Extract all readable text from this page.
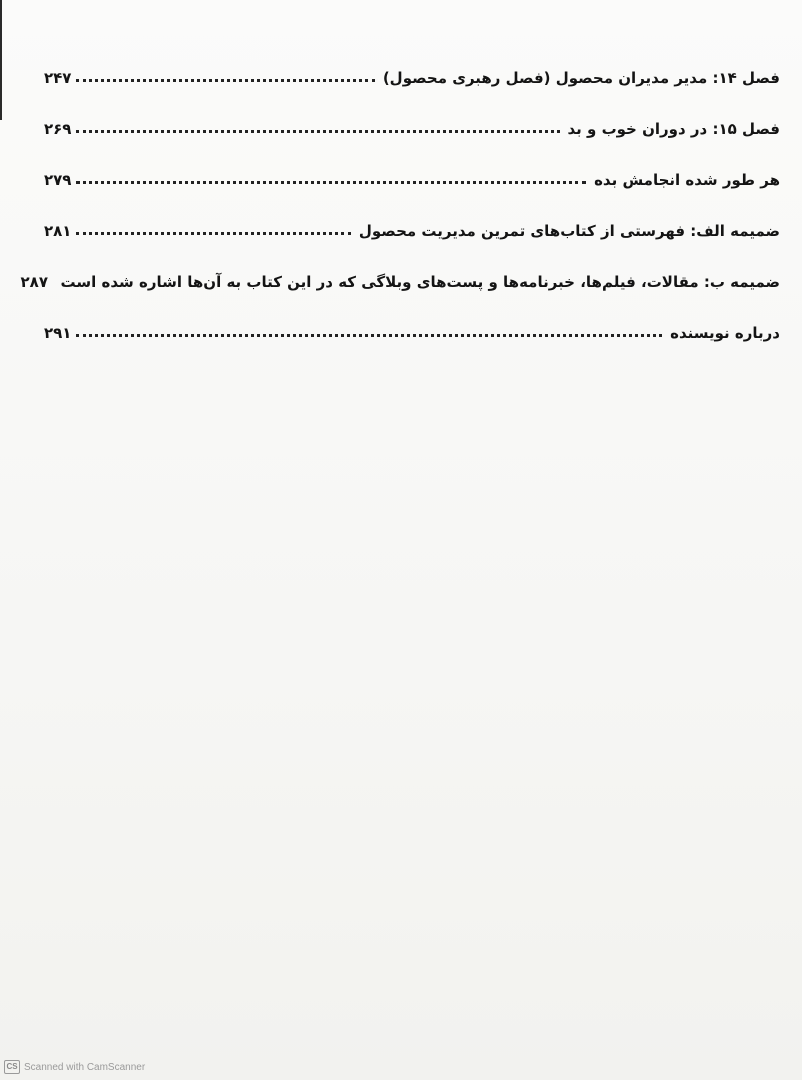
فصل ۱۴: مدیر مدیران محصول (فصل رهبری محصول)
۲۴۷
فصل ۱۵: در دوران خوب و بد
۲۶۹
هر طور شده انجامش بده
۲۷۹
ضمیمه الف: فهرستی از کتاب‌های تمرین مدیریت محصول
۲۸۱
ضمیمه ب: مقالات، فیلم‌ها، خبرنامه‌ها و پست‌های وبلاگی که در این کتاب به آن‌ها اشاره شده است
۲۸۷
درباره نویسنده
۲۹۱
CS Scanned with CamScanner
